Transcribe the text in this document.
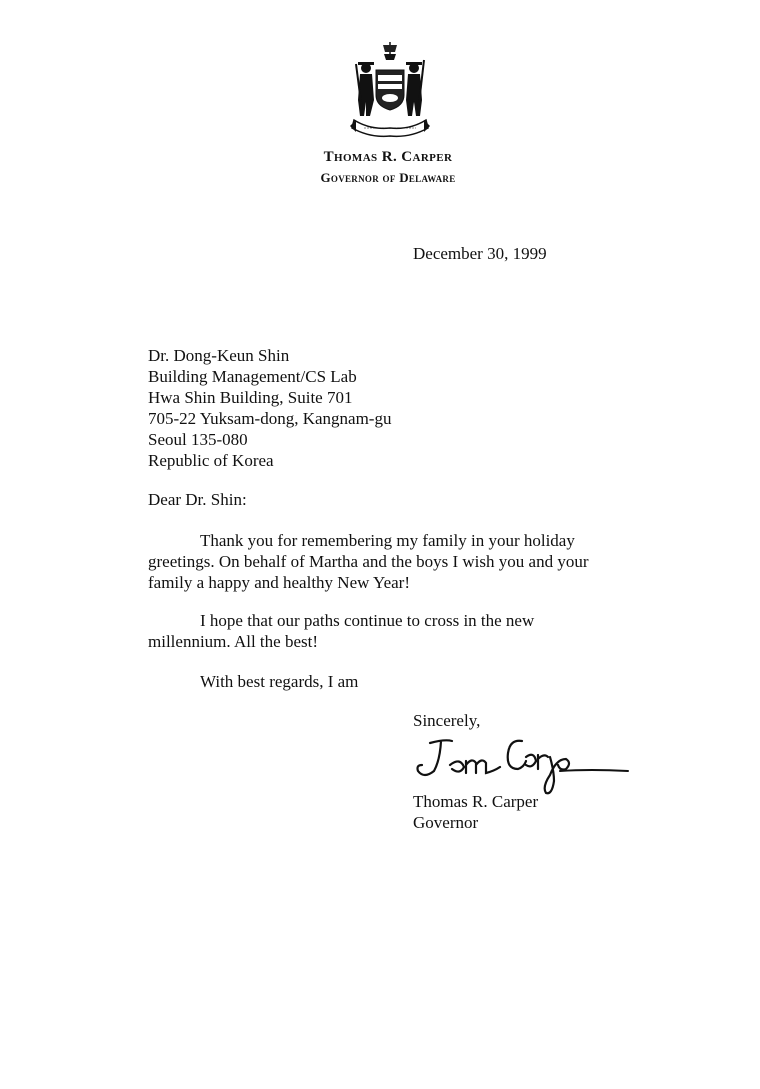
Thomas R. Carper
Governor of Delaware
December 30, 1999
Dr. Dong-Keun Shin
Building Management/CS Lab
Hwa Shin Building, Suite 701
705-22 Yuksam-dong, Kangnam-gu
Seoul 135-080
Republic of Korea
Dear Dr. Shin:
Thank you for remembering my family in your holiday
greetings. On behalf of Martha and the boys I wish you and your family a happy and healthy New Year!
I hope that our paths continue to cross in the new
millennium. All the best!
With best regards, I am
Sincerely,
Thomas R. Carper
Governor
